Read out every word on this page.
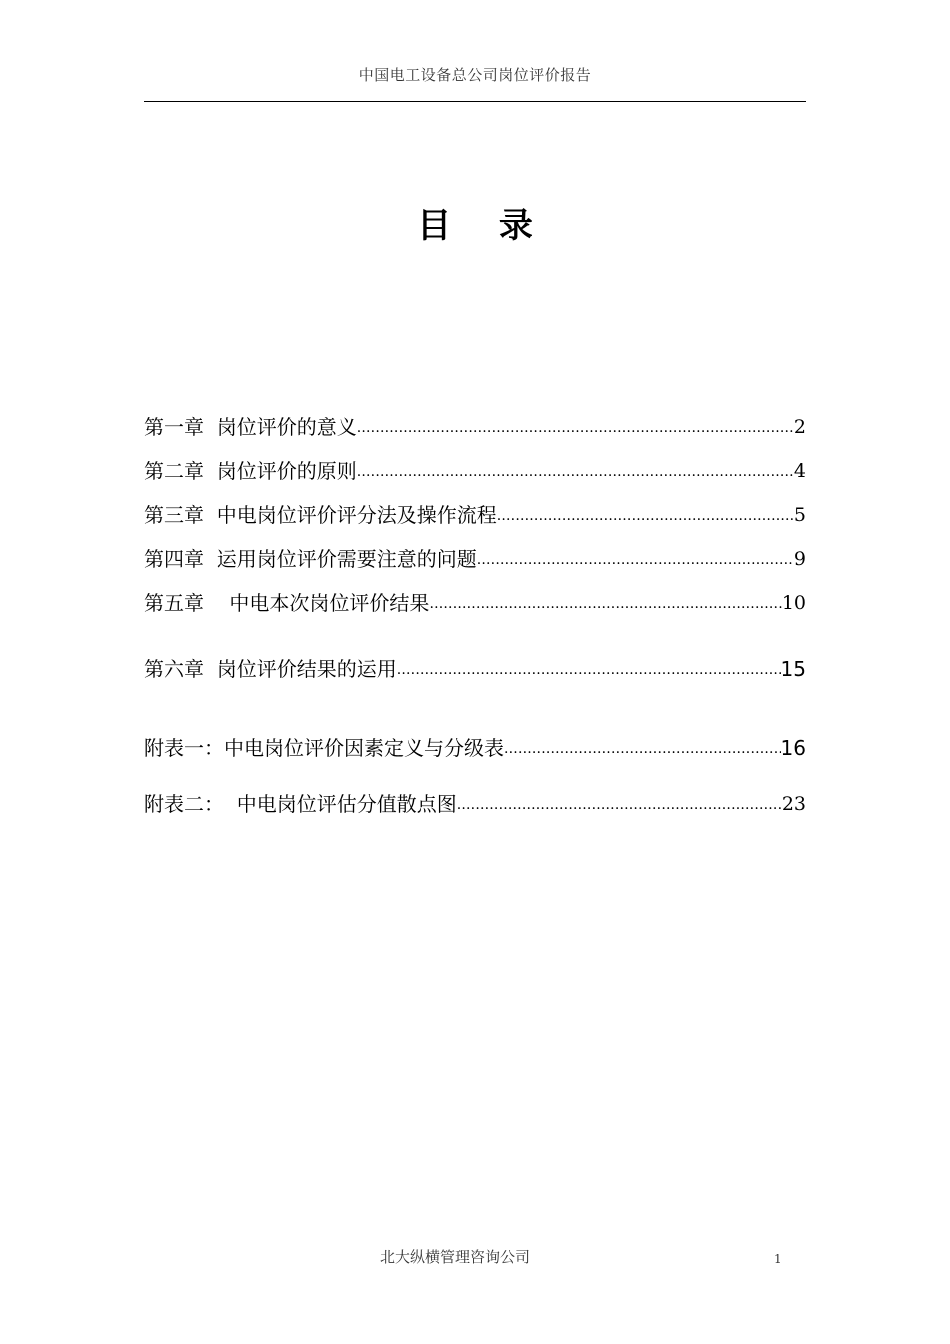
中国电工设备总公司岗位评价报告
目 录
第一章  岗位评价的意义 .....	2
第二章  岗位评价的原则 .....	4
第三章  中电岗位评价评分法及操作流程 .....	5
第四章  运用岗位评价需要注意的问题 .....	9
第五章    中电本次岗位评价结果 .....	10
第六章  岗位评价结果的运用 .....	15
附表一：中电岗位评价因素定义与分级表 .....	16
附表二：  中电岗位评估分值散点图 .....	23
北大纵横管理咨询公司	1
